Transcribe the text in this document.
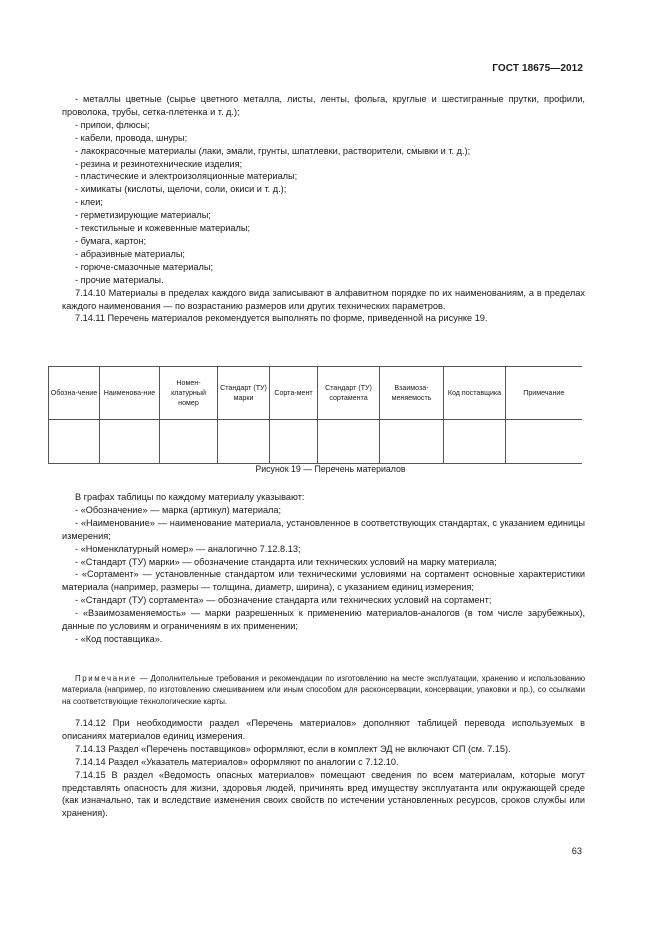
ГОСТ 18675—2012

- металлы цветные (сырье цветного металла, листы, ленты, фольга, круглые и шестигранные прутки, профили, проволока, трубы, сетка-плетенка и т. д.);

- припои, флюсы;

- кабели, провода, шнуры;

- лакокрасочные материалы (лаки, эмали, грунты, шпатлевки, растворители, смывки и т. д.);

- резина и резинотехнические изделия;

- пластические и электроизоляционные материалы;

- химикаты (кислоты, щелочи, соли, окиси и т. д.);

- клеи;

- герметизирующие материалы;

- текстильные и кожевенные материалы;

- бумага, картон;

- абразивные материалы;

- горюче-смазочные материалы;

- прочие материалы.

7.14.10 Материалы в пределах каждого вида записывают в алфавитном порядке по их наименованиям, а в пределах каждого наименования — по возрастанию размеров или других технических параметров.

7.14.11 Перечень материалов рекомендуется выполнять по форме, приведенной на рисунке 19.

Обозна-чение	Наименова-ние	Номен-клатурный номер	Стандарт (ТУ) марки	Сорта-мент	Стандарт (ТУ) сортамента	Взаимоза-меняемость	Код поставщика	Примечание

Рисунок 19 — Перечень материалов

В графах таблицы по каждому материалу указывают:

- «Обозначение» — марка (артикул) материала;

- «Наименование» — наименование материала, установленное в соответствующих стандартах, с указанием единицы измерения;

- «Номенклатурный номер» — аналогично 7.12.8.13;

- «Стандарт (ТУ) марки» — обозначение стандарта или технических условий на марку материала;

- «Сортамент» — установленные стандартом или техническими условиями на сортамент основные характеристики материала (например, размеры — толщина, диаметр, ширина), с указанием единиц измерения;

- «Стандарт (ТУ) сортамента» — обозначение стандарта или технических условий на сортамент;

- «Взаимозаменяемость» — марки разрешенных к применению материалов-аналогов (в том числе зарубежных), данные по условиям и ограничениям в их применении;

- «Код поставщика».

Примечание — Дополнительные требования и рекомендации по изготовлению на месте эксплуатации, хранению и использованию материала (например, по изготовлению смешиванием или иным способом для расконсервации, консервации, упаковки и пр.), со ссылками на соответствующие технологические карты.

7.14.12 При необходимости раздел «Перечень материалов» дополняют таблицей перевода используемых в описаниях материалов единиц измерения.

7.14.13 Раздел «Перечень поставщиков» оформляют, если в комплект ЭД не включают СП (см. 7.15).

7.14.14 Раздел «Указатель материалов» оформляют по аналогии с 7.12.10.

7.14.15 В раздел «Ведомость опасных материалов» помещают сведения по всем материалам, которые могут представлять опасность для жизни, здоровья людей, причинять вред имуществу эксплуатанта или окружающей среде (как изначально, так и вследствие изменения своих свойств по истечении установленных ресурсов, сроков службы или хранения).

63
